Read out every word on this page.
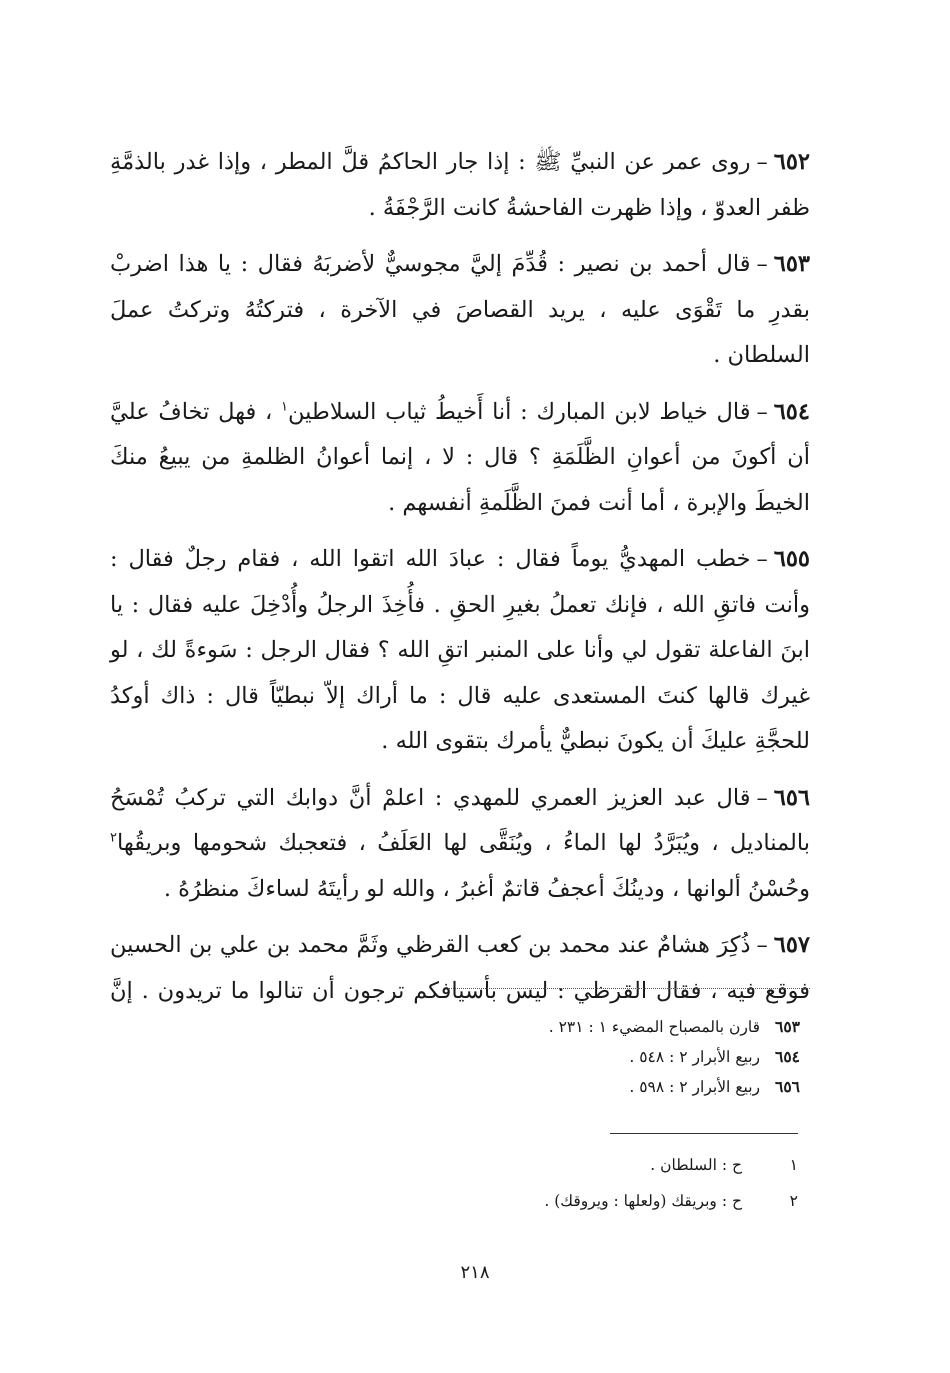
٦٥٢–روى عمر عن النبيِّ ﷺ : إذا جار الحاكمُ قلَّ المطر ، وإذا غدر بالذمَّةِ ظفر العدوّ ، وإذا ظهرت الفاحشةُ كانت الرَّجْفَةُ .

٦٥٣–قال أحمد بن نصير : قُدِّمَ إليَّ مجوسيٌّ لأضربَهُ فقال : يا هذا اضربْ بقدرِ ما تَقْوَى عليه ، يريد القصاصَ في الآخرة ، فتركتُهُ وتركتُ عملَ السلطان .

٦٥٤–قال خياط لابن المبارك : أنا أَخيطُ ثياب السلاطين$^١$ ، فهل تخافُ عليَّ أن أكونَ من أعوانِ الظَّلَمَةِ ؟ قال : لا ، إنما أعوانُ الظلمةِ من يبيعُ منكَ الخيطَ والإبرة ، أما أنت فمنَ الظَّلَمةِ أنفسهم .

٦٥٥–خطب المهديُّ يوماً فقال : عبادَ الله اتقوا الله ، فقام رجلٌ فقال : وأنت فاتقِ الله ، فإنك تعملُ بغيرِ الحقِ . فأُخِذَ الرجلُ وأُدْخِلَ عليه فقال : يا ابنَ الفاعلة تقول لي وأنا على المنبر اتقِ الله ؟ فقال الرجل : سَوءةً لك ، لو غيرك قالها كنتَ المستعدى عليه قال : ما أراك إلاّ نبطيّاً قال : ذاك أوكدُ للحجَّةِ عليكَ أن يكونَ نبطيٌّ يأمرك بتقوى الله .

٦٥٦–قال عبد العزيز العمري للمهدي : اعلمْ أنَّ دوابك التي تركبُ تُمْسَحُ بالمناديل ، ويُبَرَّدُ لها الماءُ ، ويُنَقَّى لها العَلَفُ ، فتعجبك شحومها وبريقُها$^٢$ وحُسْنُ ألوانها ، ودينُكَ أعجفُ قاتمٌ أغبرُ ، والله لو رأيتَهُ لساءكَ منظرُهُ .

٦٥٧–ذُكِرَ هشامٌ عند محمد بن كعب القرظي وثَمَّ محمد بن علي بن الحسين فوقع فيه ، فقال القرظي : ليس بأسيافكم ترجون أن تنالوا ما تريدون . إنَّ

٦٥٣قارن بالمصباح المضيء ١ : ٢٣١ .
٦٥٤ربيع الأبرار ٢ : ٥٤٨ .
٦٥٦ربيع الأبرار ٢ : ٥٩٨ .
١ح : السلطان .
٢ح : وبريقك (ولعلها : ويروقك) .
٢١٨
